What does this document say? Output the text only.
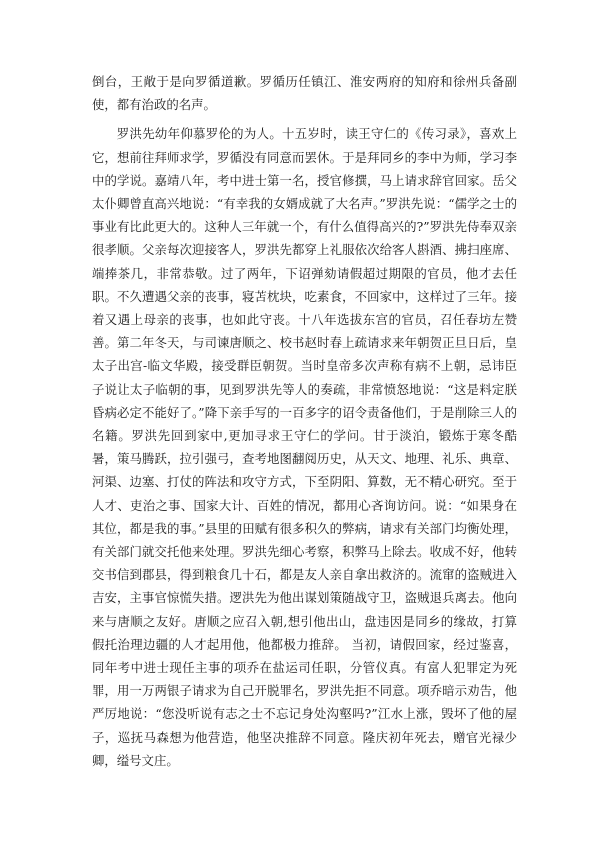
倒台，王敞于是向罗循道歉。罗循历任镇江、淮安两府的知府和徐州兵备副使，都有治政的名声。

罗洪先幼年仰慕罗伦的为人。十五岁时，读王守仁的《传习录》，喜欢上它，想前往拜师求学，罗循没有同意而罢休。于是拜同乡的李中为师，学习李中的学说。嘉靖八年，考中进士第一名，授官修撰，马上请求辞官回家。岳父太仆卿曾直高兴地说：“有幸我的女婿成就了大名声。”罗洪先说：“儒学之士的事业有比此更大的。这种人三年就一个，有什么值得高兴的?”罗洪先侍奉双亲很孝顺。父亲每次迎接客人，罗洪先都穿上礼服依次给客人斟酒、拂扫座席、端捧茶几，非常恭敬。过了两年，下诏弹劾请假超过期限的官员，他才去任职。不久遭遇父亲的丧事，寝苫枕块，吃素食，不回家中，这样过了三年。接着又遇上母亲的丧事，也如此守丧。十八年选拔东宫的官员，召任春坊左赞善。第二年冬天，与司谏唐顺之、校书赵时春上疏请求来年朝贺正旦日后，皇太子出宫-临文华殿，接受群臣朝贺。当时皇帝多次声称有病不上朝，忌讳臣子说让太子临朝的事，见到罗洪先等人的奏疏，非常愤怒地说：“这是料定朕昏病必定不能好了。”降下亲手写的一百多字的诏令责备他们，于是削除三人的名籍。罗洪先回到家中,更加寻求王守仁的学问。甘于淡泊，锻炼于寒冬酷暑，策马腾跃，拉引强弓，查考地图翻阅历史，从天文、地理、礼乐、典章、河渠、边塞、打仗的阵法和攻守方式，下至阴阳、算数，无不精心研究。至于人才、吏治之事、国家大计、百姓的情况，都用心吝询访问。说：“如果身在其位，都是我的事。”县里的田赋有很多积久的弊病，请求有关部门均衡处理，有关部门就交托他来处理。罗洪先细心考察，积弊马上除去。收成不好，他转交书信到郡县，得到粮食几十石，都是友人亲自拿出救济的。流窜的盗贼进入吉安，主事官惊慌失措。逻洪先为他出谋划策随战守卫，盗贼退兵离去。他向来与唐顺之友好。唐顺之应召入朝,想引他出山，盘违因是同乡的缘故，打算假托治理边疆的人才起用他，他都极力推辞。 当初，请假回家，经过鉴喜，同年考中进士现任主事的项乔在盐运司任职，分管仪真。有富人犯罪定为死罪，用一万两银子请求为自己开脱罪名，罗洪先拒不同意。项乔暗示劝告，他严厉地说：“您没听说有志之士不忘记身处沟壑吗?”江水上涨，毁坏了他的屋子，巡抚马森想为他营造，他坚决推辞不同意。隆庆初年死去，赠官光禄少卿，缢号文庄。
